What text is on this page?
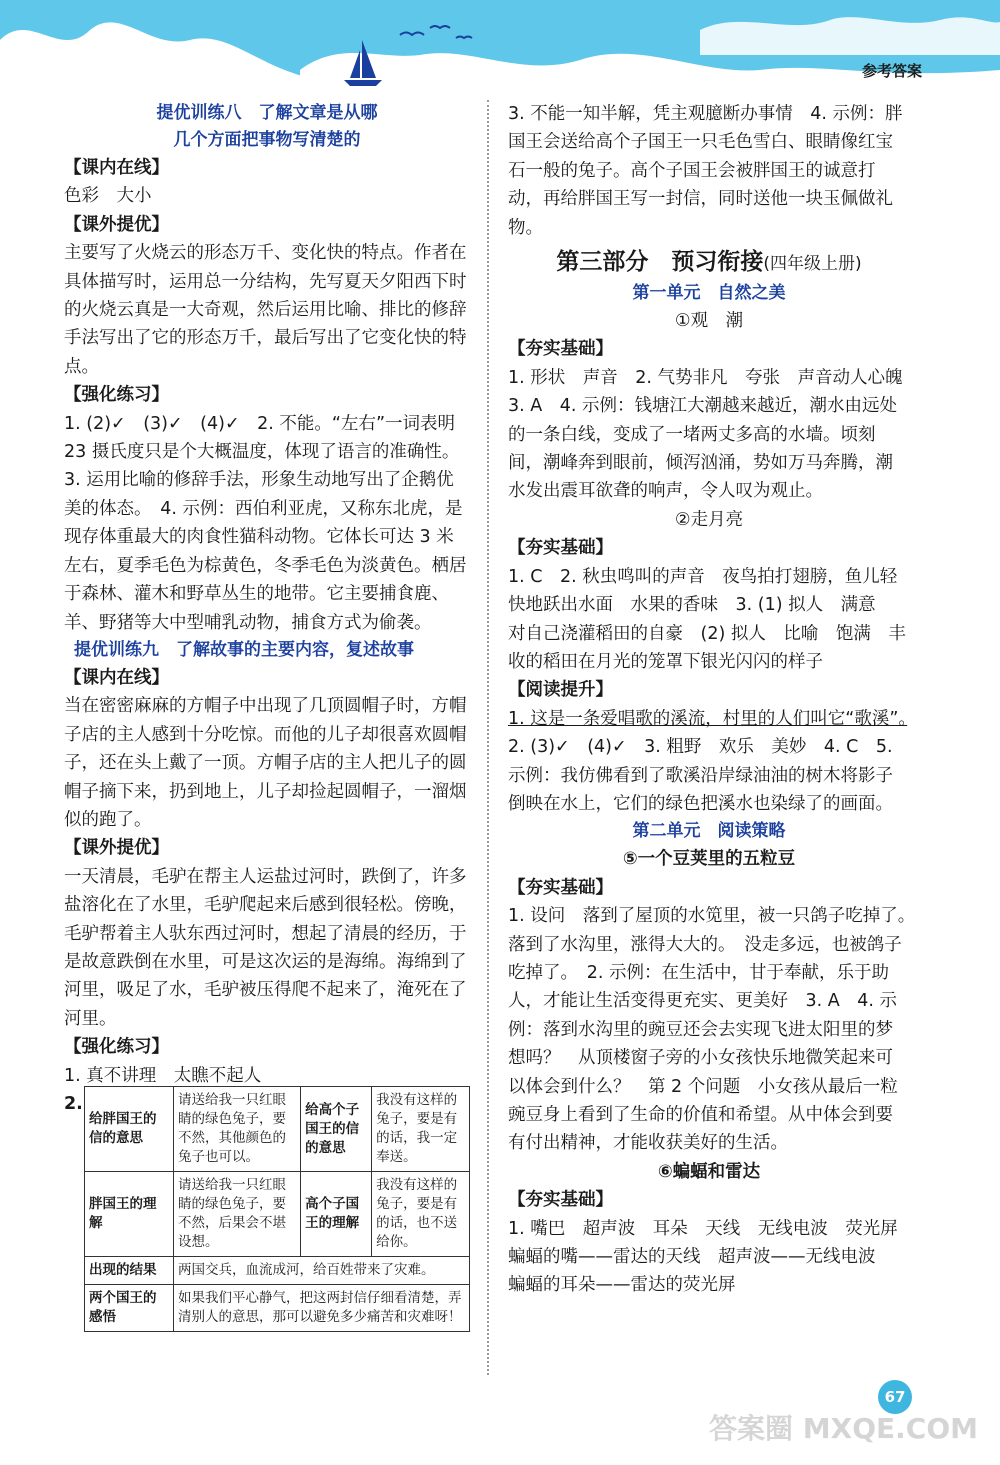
参考答案

提优训练八　了解文章是从哪

几个方面把事物写清楚的

【课内在线】

色彩　大小

【课外提优】

主要写了火烧云的形态万千、变化快的特点。作者在具体描写时，运用总一分结构，先写夏天夕阳西下时的火烧云真是一大奇观，然后运用比喻、排比的修辞手法写出了它的形态万千，最后写出了它变化快的特点。

【强化练习】

1. (2)✓　(3)✓　(4)✓　2. 不能。“左右”一词表明 23 摄氏度只是个大概温度，体现了语言的准确性。　3. 运用比喻的修辞手法，形象生动地写出了企鹅优美的体态。　4. 示例：西伯利亚虎，又称东北虎，是现存体重最大的肉食性猫科动物。它体长可达 3 米左右，夏季毛色为棕黄色，冬季毛色为淡黄色。栖居于森林、灌木和野草丛生的地带。它主要捕食鹿、羊、野猪等大中型哺乳动物，捕食方式为偷袭。

提优训练九　了解故事的主要内容，复述故事

【课内在线】

当在密密麻麻的方帽子中出现了几顶圆帽子时，方帽子店的主人感到十分吃惊。而他的儿子却很喜欢圆帽子，还在头上戴了一顶。方帽子店的主人把儿子的圆帽子摘下来，扔到地上，儿子却捡起圆帽子，一溜烟似的跑了。

【课外提优】

一天清晨，毛驴在帮主人运盐过河时，跌倒了，许多盐溶化在了水里，毛驴爬起来后感到很轻松。傍晚，毛驴帮着主人驮东西过河时，想起了清晨的经历，于是故意跌倒在水里，可是这次运的是海绵。海绵到了河里，吸足了水，毛驴被压得爬不起来了，淹死在了河里。

【强化练习】

1. 真不讲理　太瞧不起人

2.
给胖国王的信的意思	请送给我一只红眼睛的绿色兔子，要不然，其他颜色的兔子也可以。	给高个子国王的信的意思	我没有这样的兔子，要是有的话，我一定奉送。
胖国王的理解	请送给我一只红眼睛的绿色兔子，要不然，后果会不堪设想。	高个子国王的理解	我没有这样的兔子，要是有的话，也不送给你。
出现的结果	两国交兵，血流成河，给百姓带来了灾难。		
两个国王的感悟	如果我们平心静气，把这两封信仔细看清楚，弄清别人的意思，那可以避免多少痛苦和灾难呀！		

3. 不能一知半解，凭主观臆断办事情　4. 示例：胖国王会送给高个子国王一只毛色雪白、眼睛像红宝石一般的兔子。高个子国王会被胖国王的诚意打动，再给胖国王写一封信，同时送他一块玉佩做礼物。

第三部分　预习衔接(四年级上册)

第一单元　自然之美

①观　潮

【夯实基础】

1. 形状　声音　2. 气势非凡　夸张　声音动人心魄　3. A　4. 示例：钱塘江大潮越来越近，潮水由远处的一条白线，变成了一堵两丈多高的水墙。顷刻间，潮峰奔到眼前，倾泻汹涌，势如万马奔腾，潮水发出震耳欲聋的响声，令人叹为观止。

②走月亮

【夯实基础】

1. C　2. 秋虫鸣叫的声音　夜鸟拍打翅膀，鱼儿轻快地跃出水面　水果的香味　3. (1) 拟人　满意　对自己浇灌稻田的自豪　(2) 拟人　比喻　饱满　丰收的稻田在月光的笼罩下银光闪闪的样子

【阅读提升】

1. 这是一条爱唱歌的溪流，村里的人们叫它“歌溪”。　2. (3)✓　(4)✓　3. 粗野　欢乐　美妙　4. C　5. 示例：我仿佛看到了歌溪沿岸绿油油的树木将影子倒映在水上，它们的绿色把溪水也染绿了的画面。

第二单元　阅读策略

⑤一个豆荚里的五粒豆

【夯实基础】

1. 设问　落到了屋顶的水笕里，被一只鸽子吃掉了。　落到了水沟里，涨得大大的。　没走多远，也被鸽子吃掉了。　2. 示例：在生活中，甘于奉献，乐于助人，才能让生活变得更充实、更美好　3. A　4. 示例：落到水沟里的豌豆还会去实现飞进太阳里的梦想吗？　从顶楼窗子旁的小女孩快乐地微笑起来可以体会到什么？　第 2 个问题　小女孩从最后一粒豌豆身上看到了生命的价值和希望。从中体会到要有付出精神，才能收获美好的生活。

⑥蝙蝠和雷达

【夯实基础】

1. 嘴巴　超声波　耳朵　天线　无线电波　荧光屏　蝙蝠的嘴——雷达的天线　超声波——无线电波　蝙蝠的耳朵——雷达的荧光屏

67
答案圈 MXQE.COM
